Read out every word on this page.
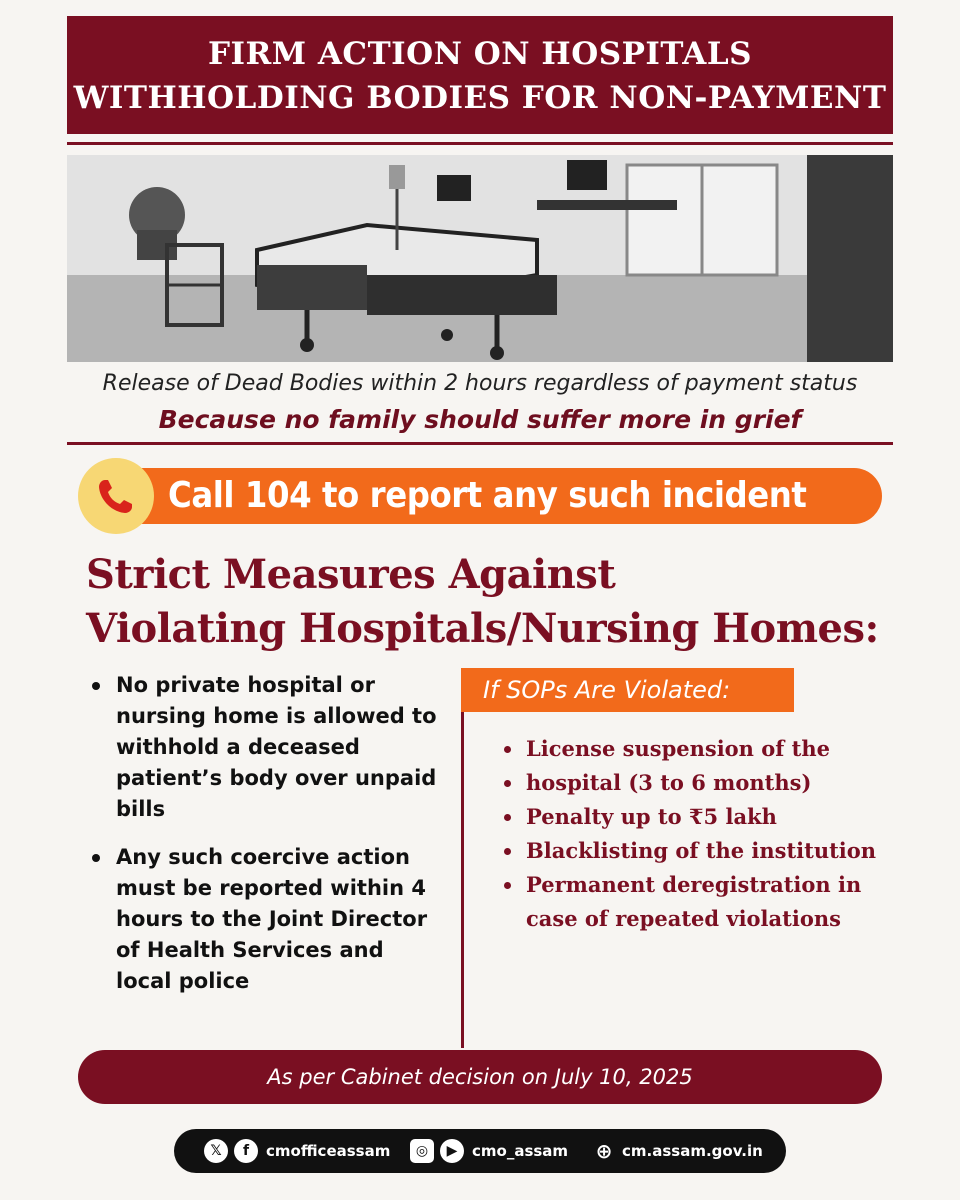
FIRM ACTION ON HOSPITALS
WITHHOLDING BODIES FOR NON-PAYMENT
Release of Dead Bodies within 2 hours regardless of payment status
Because no family should suffer more in grief
Call 104 to report any such incident
Strict Measures Against
Violating Hospitals/Nursing Homes:
No private hospital or nursing home is allowed to withhold a deceased patient’s body over unpaid bills
Any such coercive action must be reported within 4 hours to the Joint Director of Health Services and local police
If SOPs Are Violated:
License suspension of the
hospital (3 to 6 months)
Penalty up to ₹5 lakh
Blacklisting of the institution
Permanent deregistration in case of repeated violations
As per Cabinet decision on July 10, 2025
𝕏	f	cmofficeassam	◎	▶ cmo_assam ⊕ cm.assam.gov.in
